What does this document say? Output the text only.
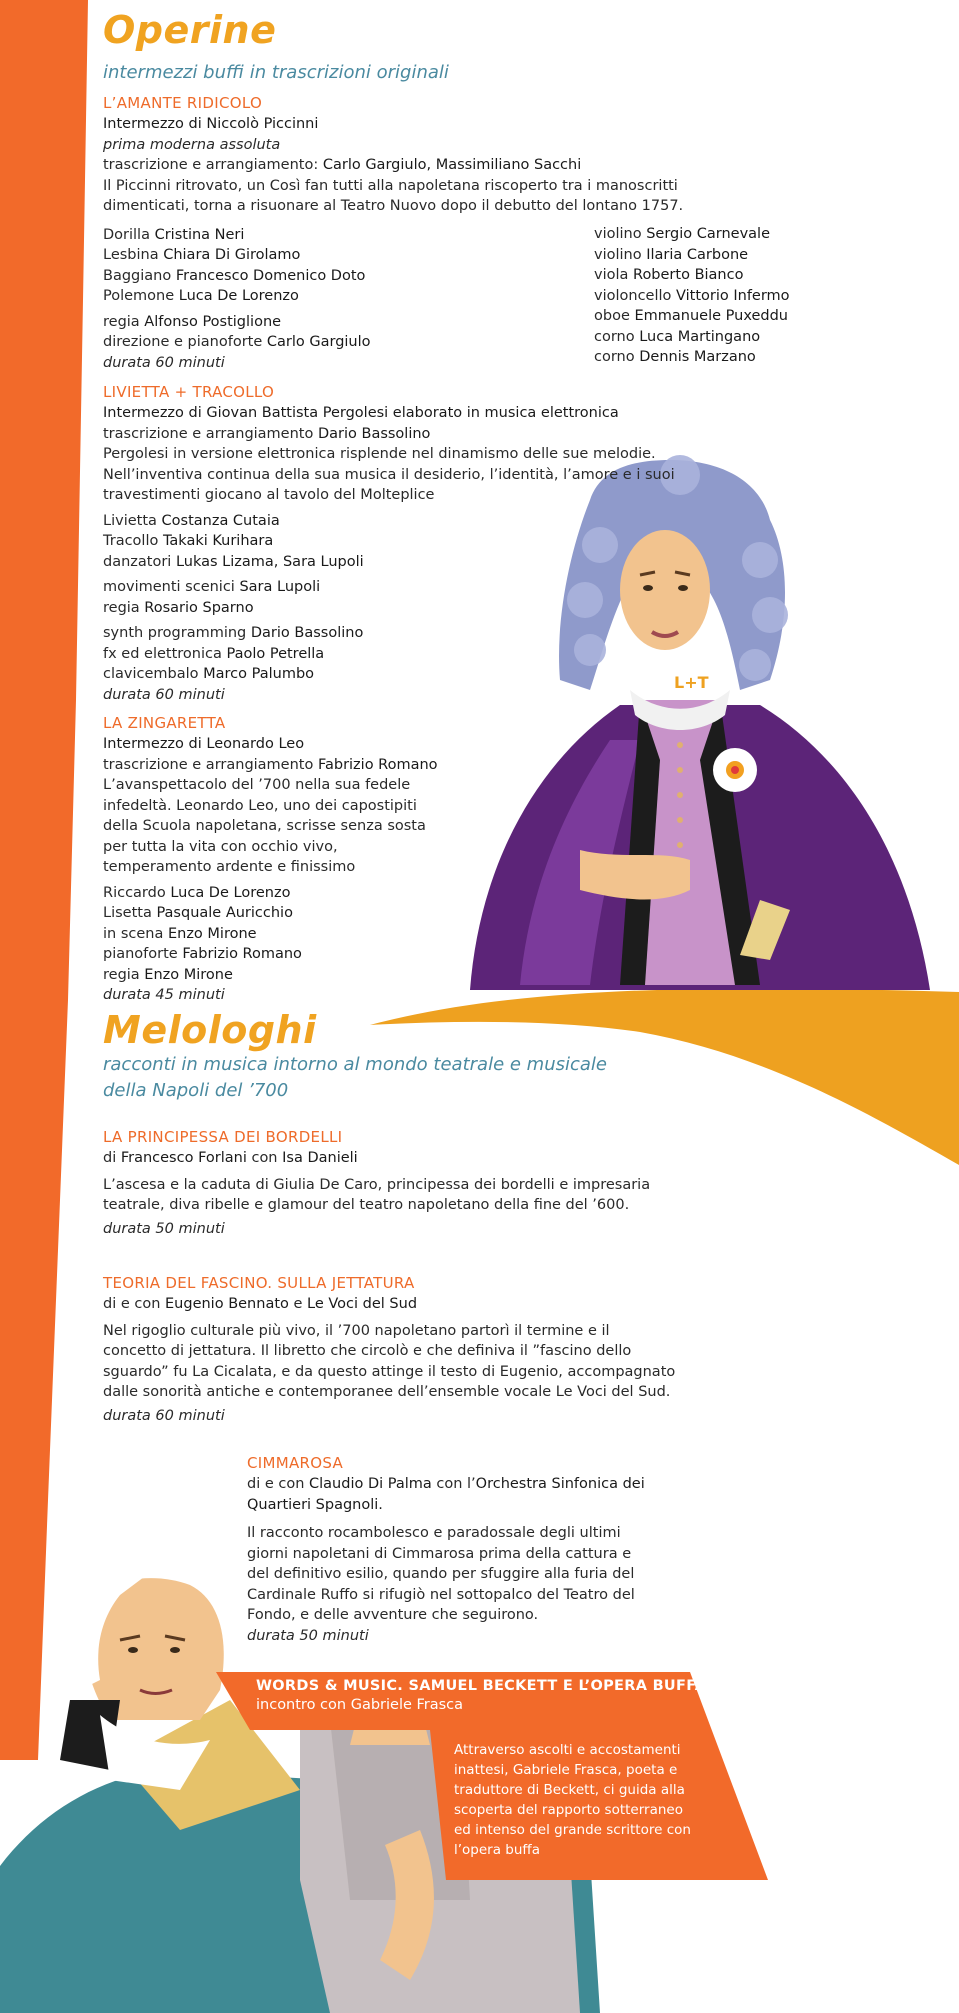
L+T
Operine
intermezzi buffi in trascrizioni originali
L’AMANTE RIDICOLO
Intermezzo di Niccolò Piccinni
prima moderna assoluta
trascrizione e arrangiamento: Carlo Gargiulo, Massimiliano Sacchi
Il Piccinni ritrovato, un Così fan tutti alla napoletana riscoperto tra i manoscritti
dimenticati, torna a risuonare al Teatro Nuovo dopo il debutto del lontano 1757.
Dorilla Cristina Neri
Lesbina Chiara Di Girolamo
Baggiano Francesco Domenico Doto
Polemone Luca De Lorenzo
regia Alfonso Postiglione
direzione e pianoforte Carlo Gargiulo
durata 60 minuti
violino Sergio Carnevale
violino Ilaria Carbone
viola Roberto Bianco
violoncello Vittorio Infermo
oboe Emmanuele Puxeddu
corno Luca Martingano
corno Dennis Marzano
LIVIETTA + TRACOLLO
Intermezzo di Giovan Battista Pergolesi elaborato in musica elettronica
trascrizione e arrangiamento Dario Bassolino
Pergolesi in versione elettronica risplende nel dinamismo delle sue melodie.
Nell’inventiva continua della sua musica il desiderio, l’identità, l’amore e i suoi
travestimenti giocano al tavolo del Molteplice
Livietta Costanza Cutaia
Tracollo Takaki Kurihara
danzatori Lukas Lizama, Sara Lupoli
movimenti scenici Sara Lupoli
regia Rosario Sparno
synth programming Dario Bassolino
fx ed elettronica Paolo Petrella
clavicembalo Marco Palumbo
durata 60 minuti
LA ZINGARETTA
Intermezzo di Leonardo Leo
trascrizione e arrangiamento Fabrizio Romano
L’avanspettacolo del ’700 nella sua fedele
infedeltà. Leonardo Leo, uno dei capostipiti
della Scuola napoletana, scrisse senza sosta
per tutta la vita con occhio vivo,
temperamento ardente e finissimo
Riccardo Luca De Lorenzo
Lisetta Pasquale Auricchio
in scena Enzo Mirone
pianoforte Fabrizio Romano
regia Enzo Mirone
durata 45 minuti
Melologhi
racconti in musica intorno al mondo teatrale e musicale
della Napoli del ’700
LA PRINCIPESSA DEI BORDELLI
di Francesco Forlani con Isa Danieli
L’ascesa e la caduta di Giulia De Caro, principessa dei bordelli e impresaria
teatrale, diva ribelle e glamour del teatro napoletano della fine del ’600.
durata 50 minuti
TEORIA DEL FASCINO. SULLA JETTATURA
di e con Eugenio Bennato e Le Voci del Sud
Nel rigoglio culturale più vivo, il ’700 napoletano partorì il termine e il
concetto di jettatura. Il libretto che circolò e che definiva il ”fascino dello
sguardo” fu La Cicalata, e da questo attinge il testo di Eugenio, accompagnato
dalle sonorità antiche e contemporanee dell’ensemble vocale Le Voci del Sud.
durata 60 minuti
CIMMAROSA
di e con Claudio Di Palma con l’Orchestra Sinfonica dei
Quartieri Spagnoli.
Il racconto rocambolesco e paradossale degli ultimi
giorni napoletani di Cimmarosa prima della cattura e
del definitivo esilio, quando per sfuggire alla furia del
Cardinale Ruffo si rifugiò nel sottopalco del Teatro del
Fondo, e delle avventure che seguirono.
durata 50 minuti
WORDS & MUSIC. SAMUEL BECKETT E L’OPERA BUFFA
incontro con Gabriele Frasca
Attraverso ascolti e accostamenti
inattesi, Gabriele Frasca, poeta e
traduttore di Beckett, ci guida alla
scoperta del rapporto sotterraneo
ed intenso del grande scrittore con
l’opera buffa
